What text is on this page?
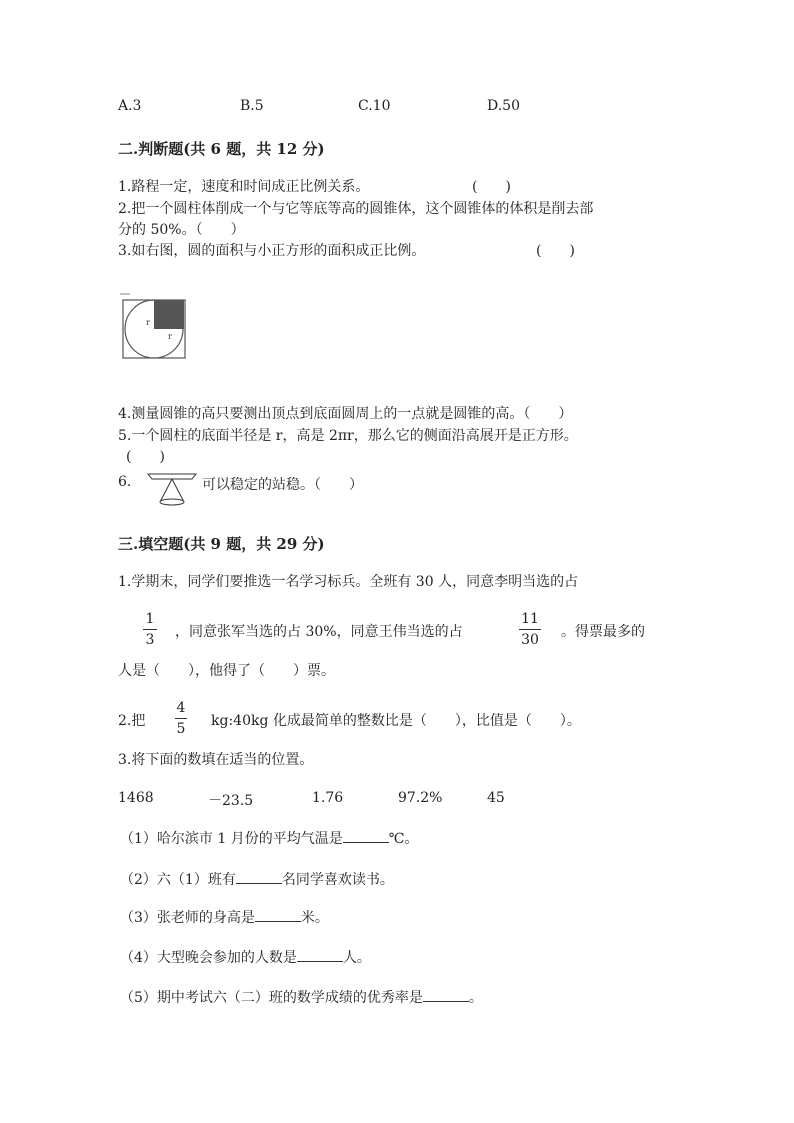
A.3	B.5	C.10	D.50
二.判断题(共 6 题，共 12 分)
1.路程一定，速度和时间成正比例关系。	(　　)
2.把一个圆柱体削成一个与它等底等高的圆锥体，这个圆锥体的体积是削去部
分的 50%。（　　）
3.如右图，圆的面积与小正方形的面积成正比例。	(　　)
r
r
4.测量圆锥的高只要测出顶点到底面圆周上的一点就是圆锥的高。（　　）
5.一个圆柱的底面半径是 r，高是 2πr，那么它的侧面沿高展开是正方形。
(　　)
6.	可以稳定的站稳。（　　）
三.填空题(共 9 题，共 29 分)
1.学期末，同学们要推选一名学习标兵。全班有 30 人，同意李明当选的占
1
3 ，同意张军当选的占 30%，同意王伟当选的占
11
30 。得票最多的
人是（　　），他得了（　　）票。
2.把
4
5 kg:40kg 化成最简单的整数比是（　　），比值是（　　）。
3.将下面的数填在适当的位置。
1468	－23.5	1.76	97.2%	45
（1）哈尔滨市 1 月份的平均气温是	℃。
（2）六（1）班有	名同学喜欢读书。
（3）张老师的身高是	米。
（4）大型晚会参加的人数是	人。
（5）期中考试六（二）班的数学成绩的优秀率是	。
